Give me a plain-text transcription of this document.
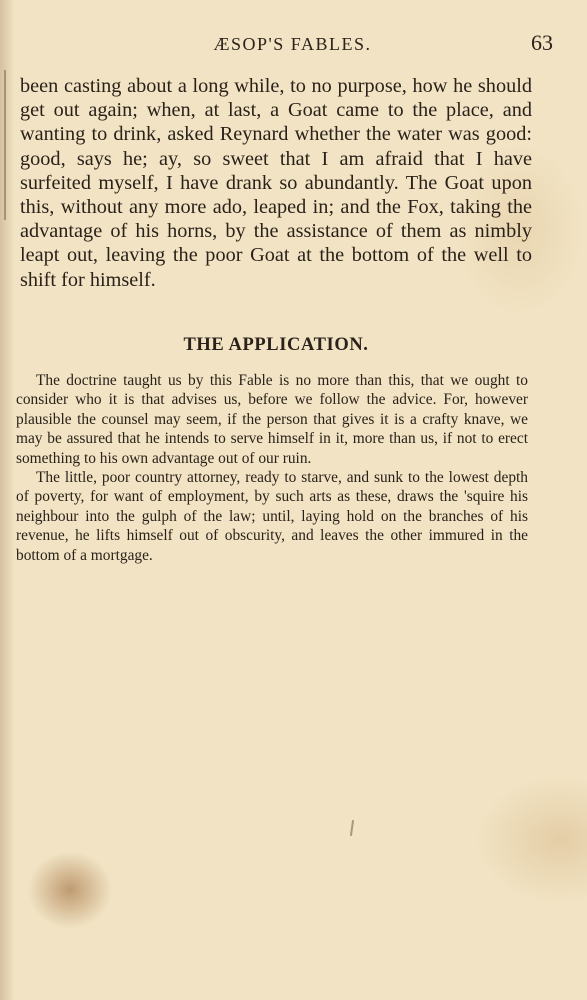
ÆSOP'S FABLES.	63

been casting about a long while, to no purpose, how he should get out again; when, at last, a Goat came to the place, and wanting to drink, asked Reynard whether the water was good: good, says he; ay, so sweet that I am afraid that I have surfeited myself, I have drank so abundantly. The Goat upon this, without any more ado, leaped in; and the Fox, taking the advantage of his horns, by the assistance of them as nimbly leapt out, leaving the poor Goat at the bottom of the well to shift for himself.

THE APPLICATION.

The doctrine taught us by this Fable is no more than this, that we ought to consider who it is that advises us, before we follow the advice. For, however plausible the counsel may seem, if the person that gives it is a crafty knave, we may be assured that he intends to serve himself in it, more than us, if not to erect something to his own advantage out of our ruin.

The little, poor country attorney, ready to starve, and sunk to the lowest depth of poverty, for want of employment, by such arts as these, draws the 'squire his neighbour into the gulph of the law; until, laying hold on the branches of his revenue, he lifts himself out of obscurity, and leaves the other immured in the bottom of a mortgage.
